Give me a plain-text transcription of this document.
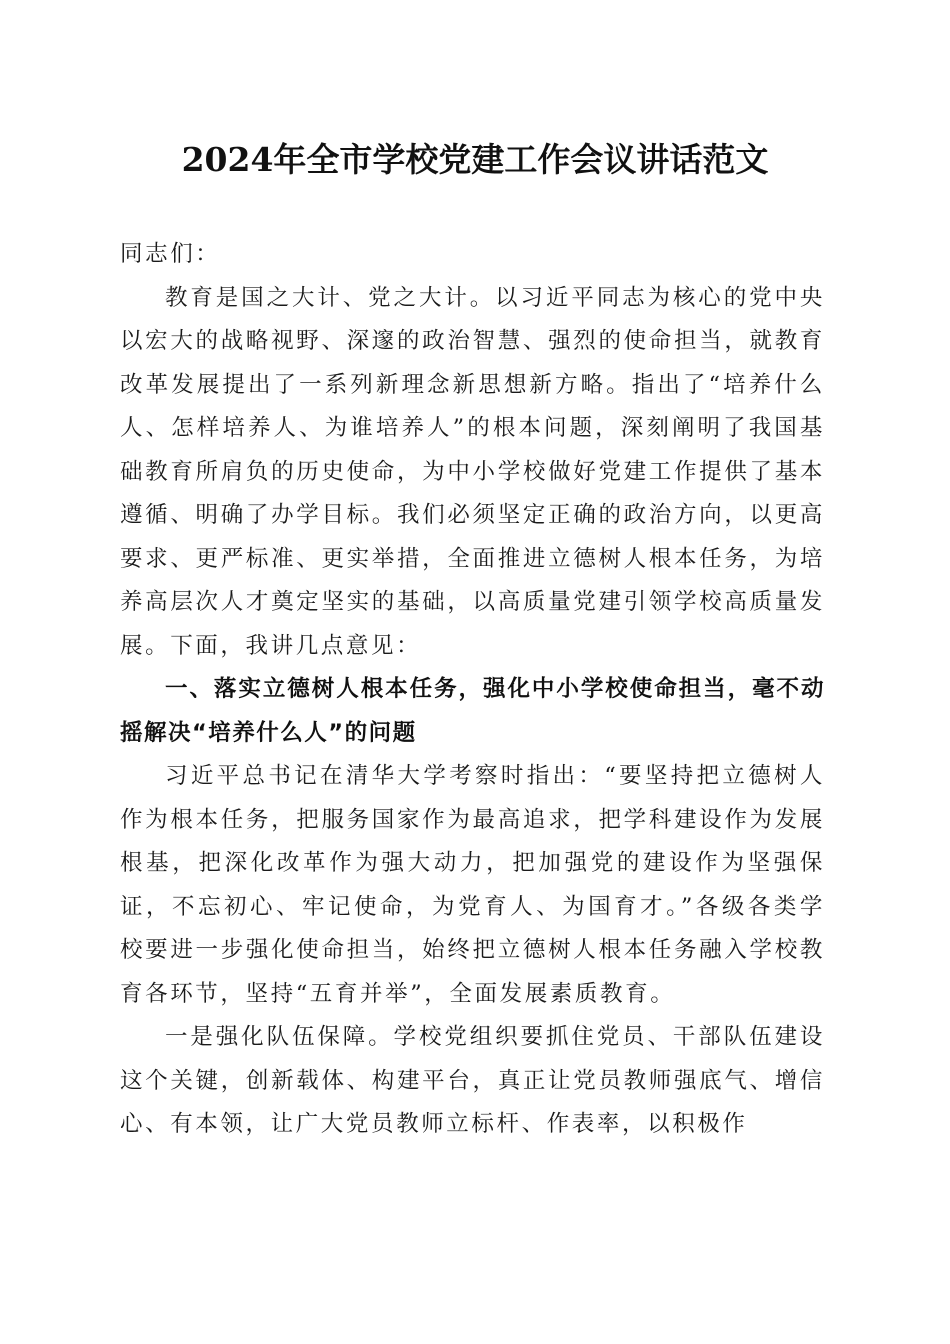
2024年全市学校党建工作会议讲话范文

同志们：

教育是国之大计、党之大计。以习近平同志为核心的党中央以宏大的战略视野、深邃的政治智慧、强烈的使命担当，就教育改革发展提出了一系列新理念新思想新方略。指出了“培养什么人、怎样培养人、为谁培养人”的根本问题，深刻阐明了我国基础教育所肩负的历史使命，为中小学校做好党建工作提供了基本遵循、明确了办学目标。我们必须坚定正确的政治方向，以更高要求、更严标准、更实举措，全面推进立德树人根本任务，为培养高层次人才奠定坚实的基础，以高质量党建引领学校高质量发展。下面，我讲几点意见：

一、落实立德树人根本任务，强化中小学校使命担当，毫不动摇解决“培养什么人”的问题

习近平总书记在清华大学考察时指出：“要坚持把立德树人作为根本任务，把服务国家作为最高追求，把学科建设作为发展根基，把深化改革作为强大动力，把加强党的建设作为坚强保证，不忘初心、牢记使命，为党育人、为国育才。”各级各类学校要进一步强化使命担当，始终把立德树人根本任务融入学校教育各环节，坚持“五育并举”，全面发展素质教育。

一是强化队伍保障。学校党组织要抓住党员、干部队伍建设这个关键，创新载体、构建平台，真正让党员教师强底气、增信心、有本领，让广大党员教师立标杆、作表率，以积极作
